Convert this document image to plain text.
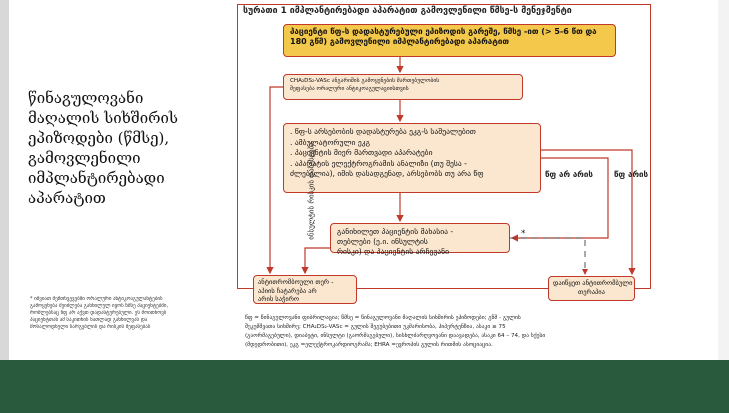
წინაგულოვანი
მაღალის სიხშირის
ეპიზოდები (წმსე),
გამოვლენილი
იმპლანტირებადი
აპარატით
* იშვიათ შემთხვევებში ორალური ანტიკოაგულანტების
გამოყენება შეიძლება განხილულ იყოს წმსე პაციენტებში,
რომლებსაც წფ არ აქვთ დადასტურებული. ეს მოითხოვს
პაციენტთან ამ საკითხის ნათლად განხილვას და
მოსალოდნელი სარგებლის და რისკის შეფასებას
სურათი 1 იმპლანტირებადი აპარატით გამოვლენილი წმსე-ს მენეჯმენტი
*
პაციენტი წფ-ს დადასტურებული ეპიზოდის გარეშე, წმსე -ით (> 5-6 წთ და
180 გწმ) გამოვლენილი იმპლანტირებადი აპარატით
CHA₂DS₂-VASc ანგარიშის გამოყენების მართებულობის
შეფასება ორალური ანტიკოაგულაციისთვის
. წფ-ს არსებობის დადასტურება ეკგ-ს საშუალებით
. ამბულატორული ეკგ
. პაციენტის მიერ მართვადი აპარატები
. აპარატის ელექტროგრამის ანალიზი (თუ შესა -
ძლებელია), იმის დასადგენად, არსებობს თუ არა წფ
განიხილეთ პაციენტის მახასია -
თებლები (ე.ი. ინსულტის
რისკი) და პაციენტის არჩევანი
ანტითრომბოული თერ -
აპიის ჩატარება არ
არის საჭირო
დაიწყეთ ანტითრომბული
თერაპია
ინსულტის რისკის დაზუსტება	წფ არ არის	წფ არის
წფ = წინაგულოვანი ფიბრილაცია; წმსე = წინაგულოვანი მაღალის სიხშირის ეპიზოდები; გწმ - გულის
შეკუმშვათა სიხშირე; CHA₂DS₂-VASc = გულის შეგუბებითი უკმარისობა, ჰიპერტენზია, ასაკი ≥ 75
(გაორმაგებული), დიაბეტი, ინსულტი (გაორმაგებული), სისხლძარღვოვანი დაავადება, ასაკი 64 – 74, და სქესი
(მდედრობითი), ეკგ =ელექტროკარდიოგრამა; EHRA =ევროპის გულის რითმის ასოციაცია.
